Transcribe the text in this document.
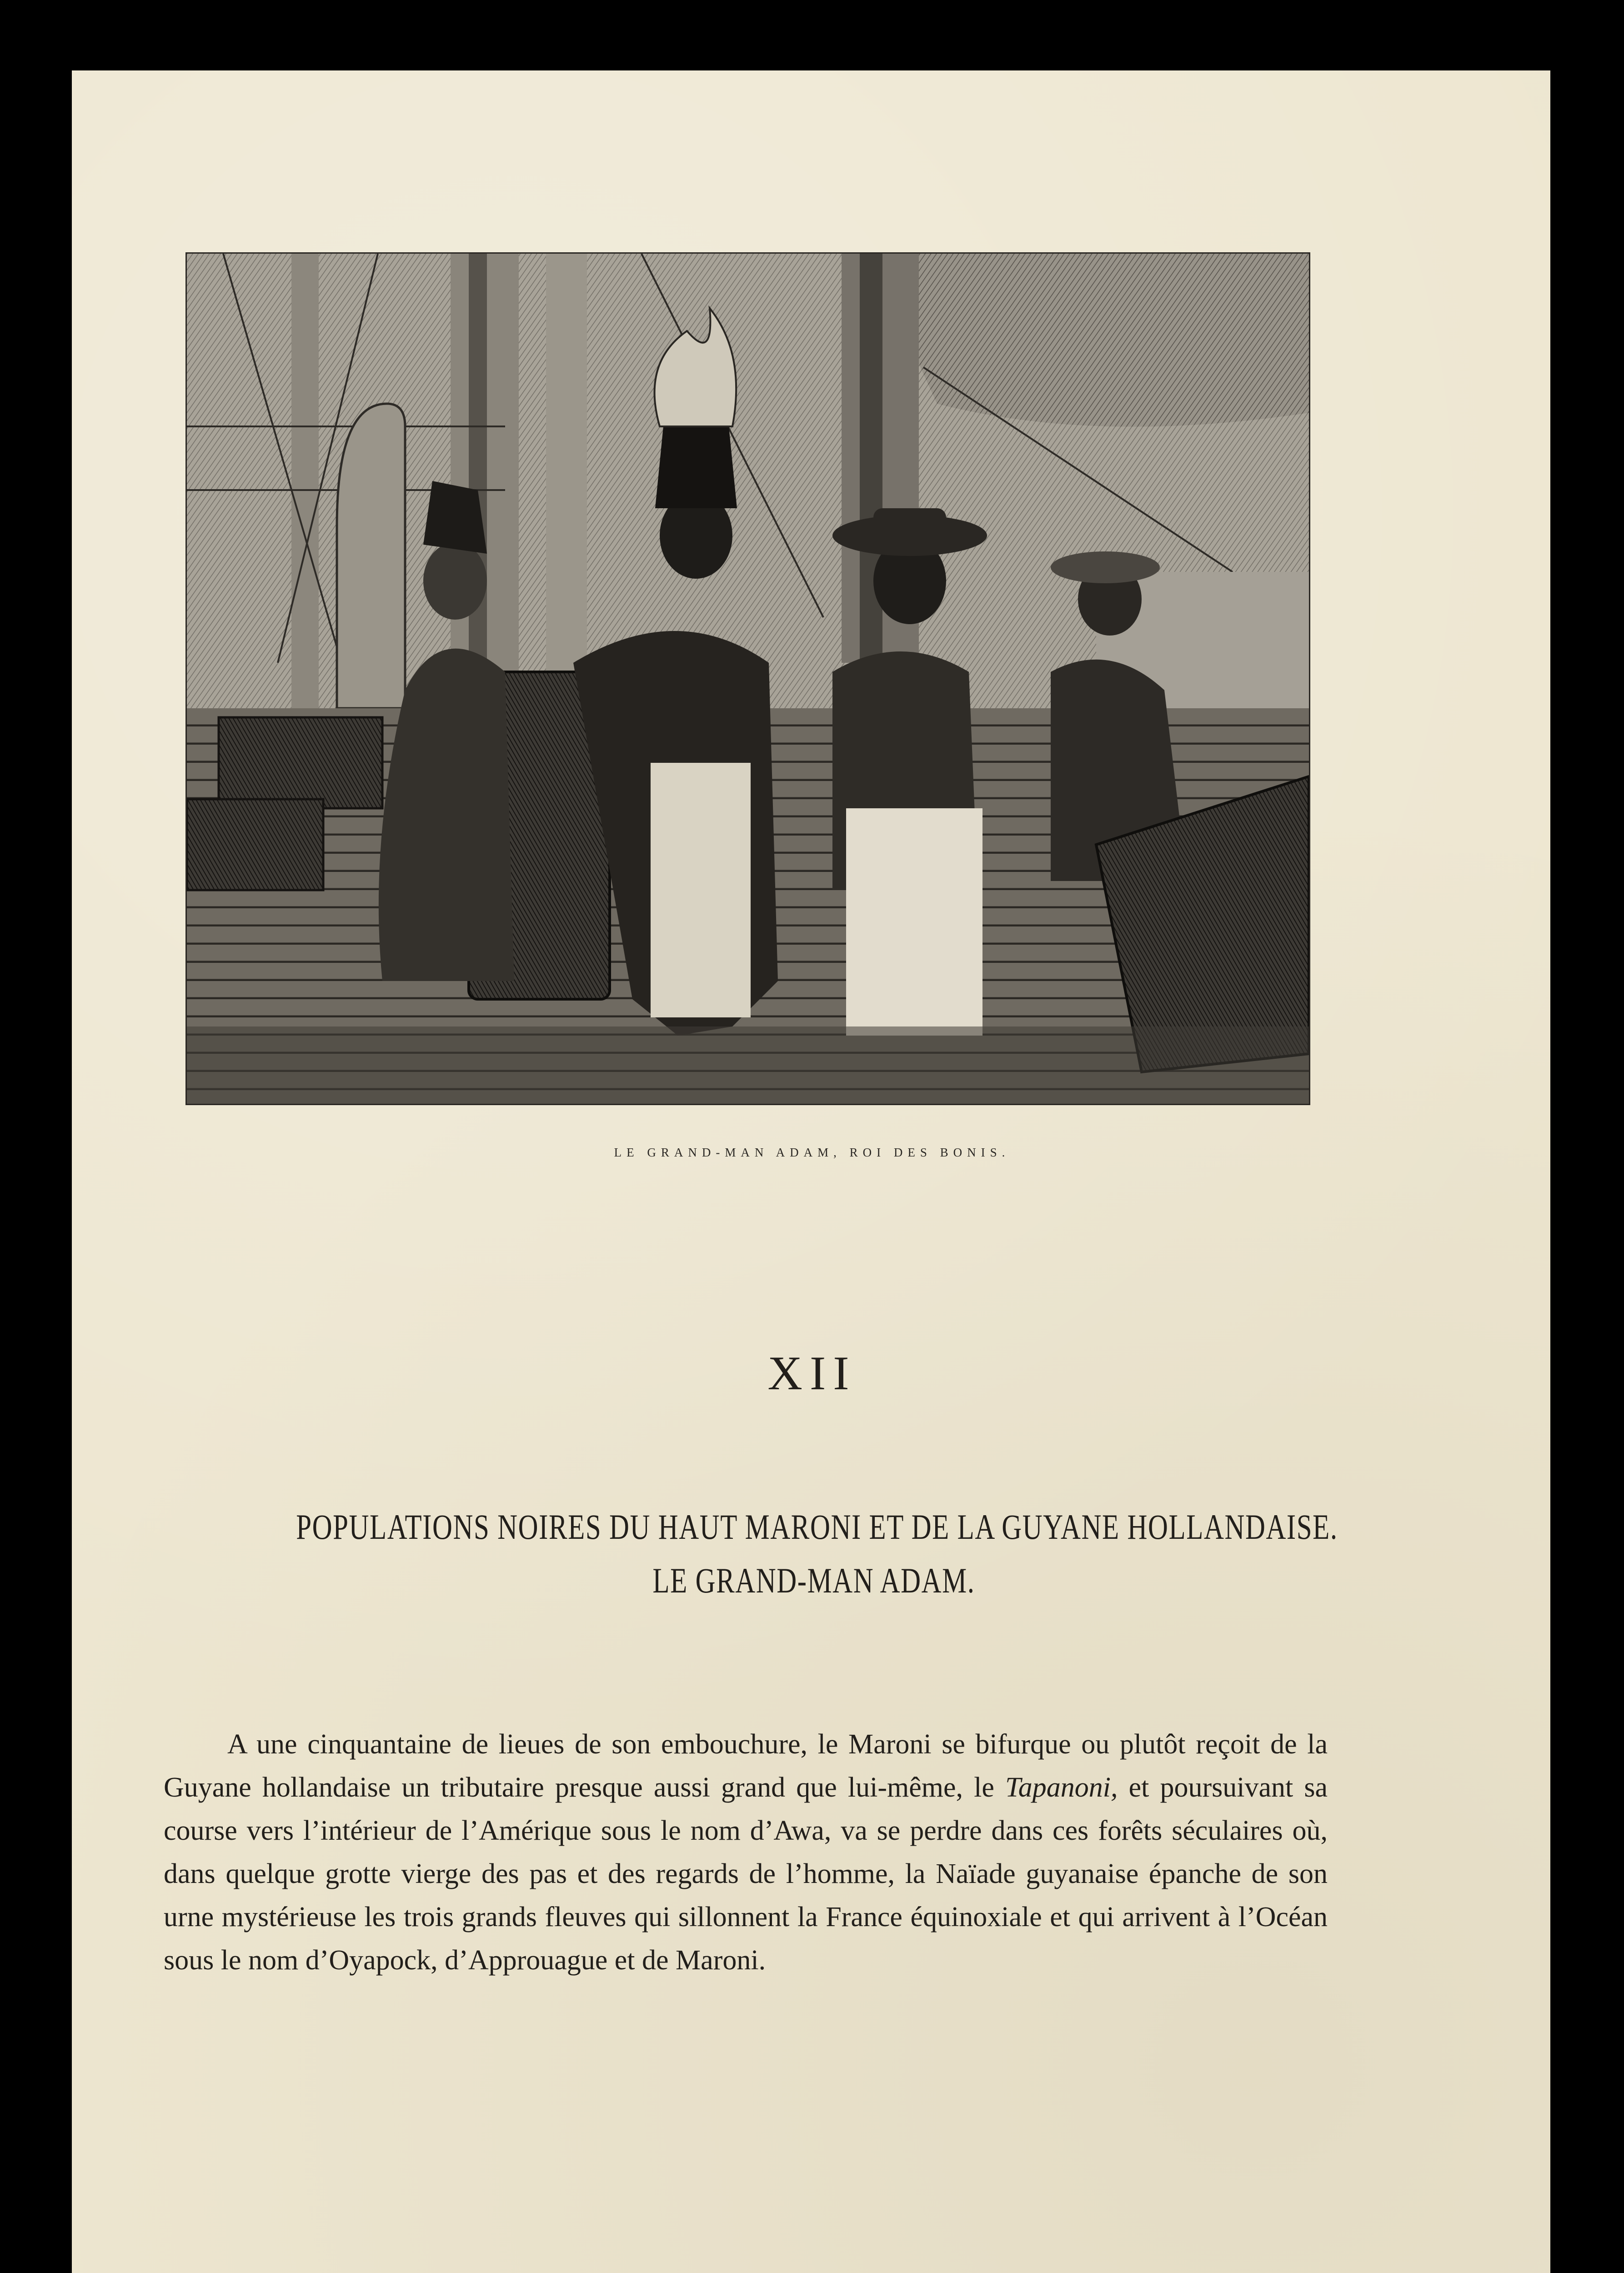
LE GRAND-MAN ADAM, ROI DES BONIS.
XII
POPULATIONS NOIRES DU HAUT MARONI ET DE LA GUYANE HOLLANDAISE.
LE GRAND-MAN ADAM.

A une cinquantaine de lieues de son embouchure, le Maroni se bifurque ou plutôt reçoit de la Guyane hollandaise un tributaire presque aussi grand que lui-même, le Tapanoni, et poursuivant sa course vers l’intérieur de l’Amérique sous le nom d’Awa, va se perdre dans ces forêts séculaires où, dans quelque grotte vierge des pas et des regards de l’homme, la Naïade guyanaise épanche de son urne mystérieuse les trois grands fleuves qui sillonnent la France équinoxiale et qui arrivent à l’Océan sous le nom d’Oyapock, d’Approuague et de Maroni.
